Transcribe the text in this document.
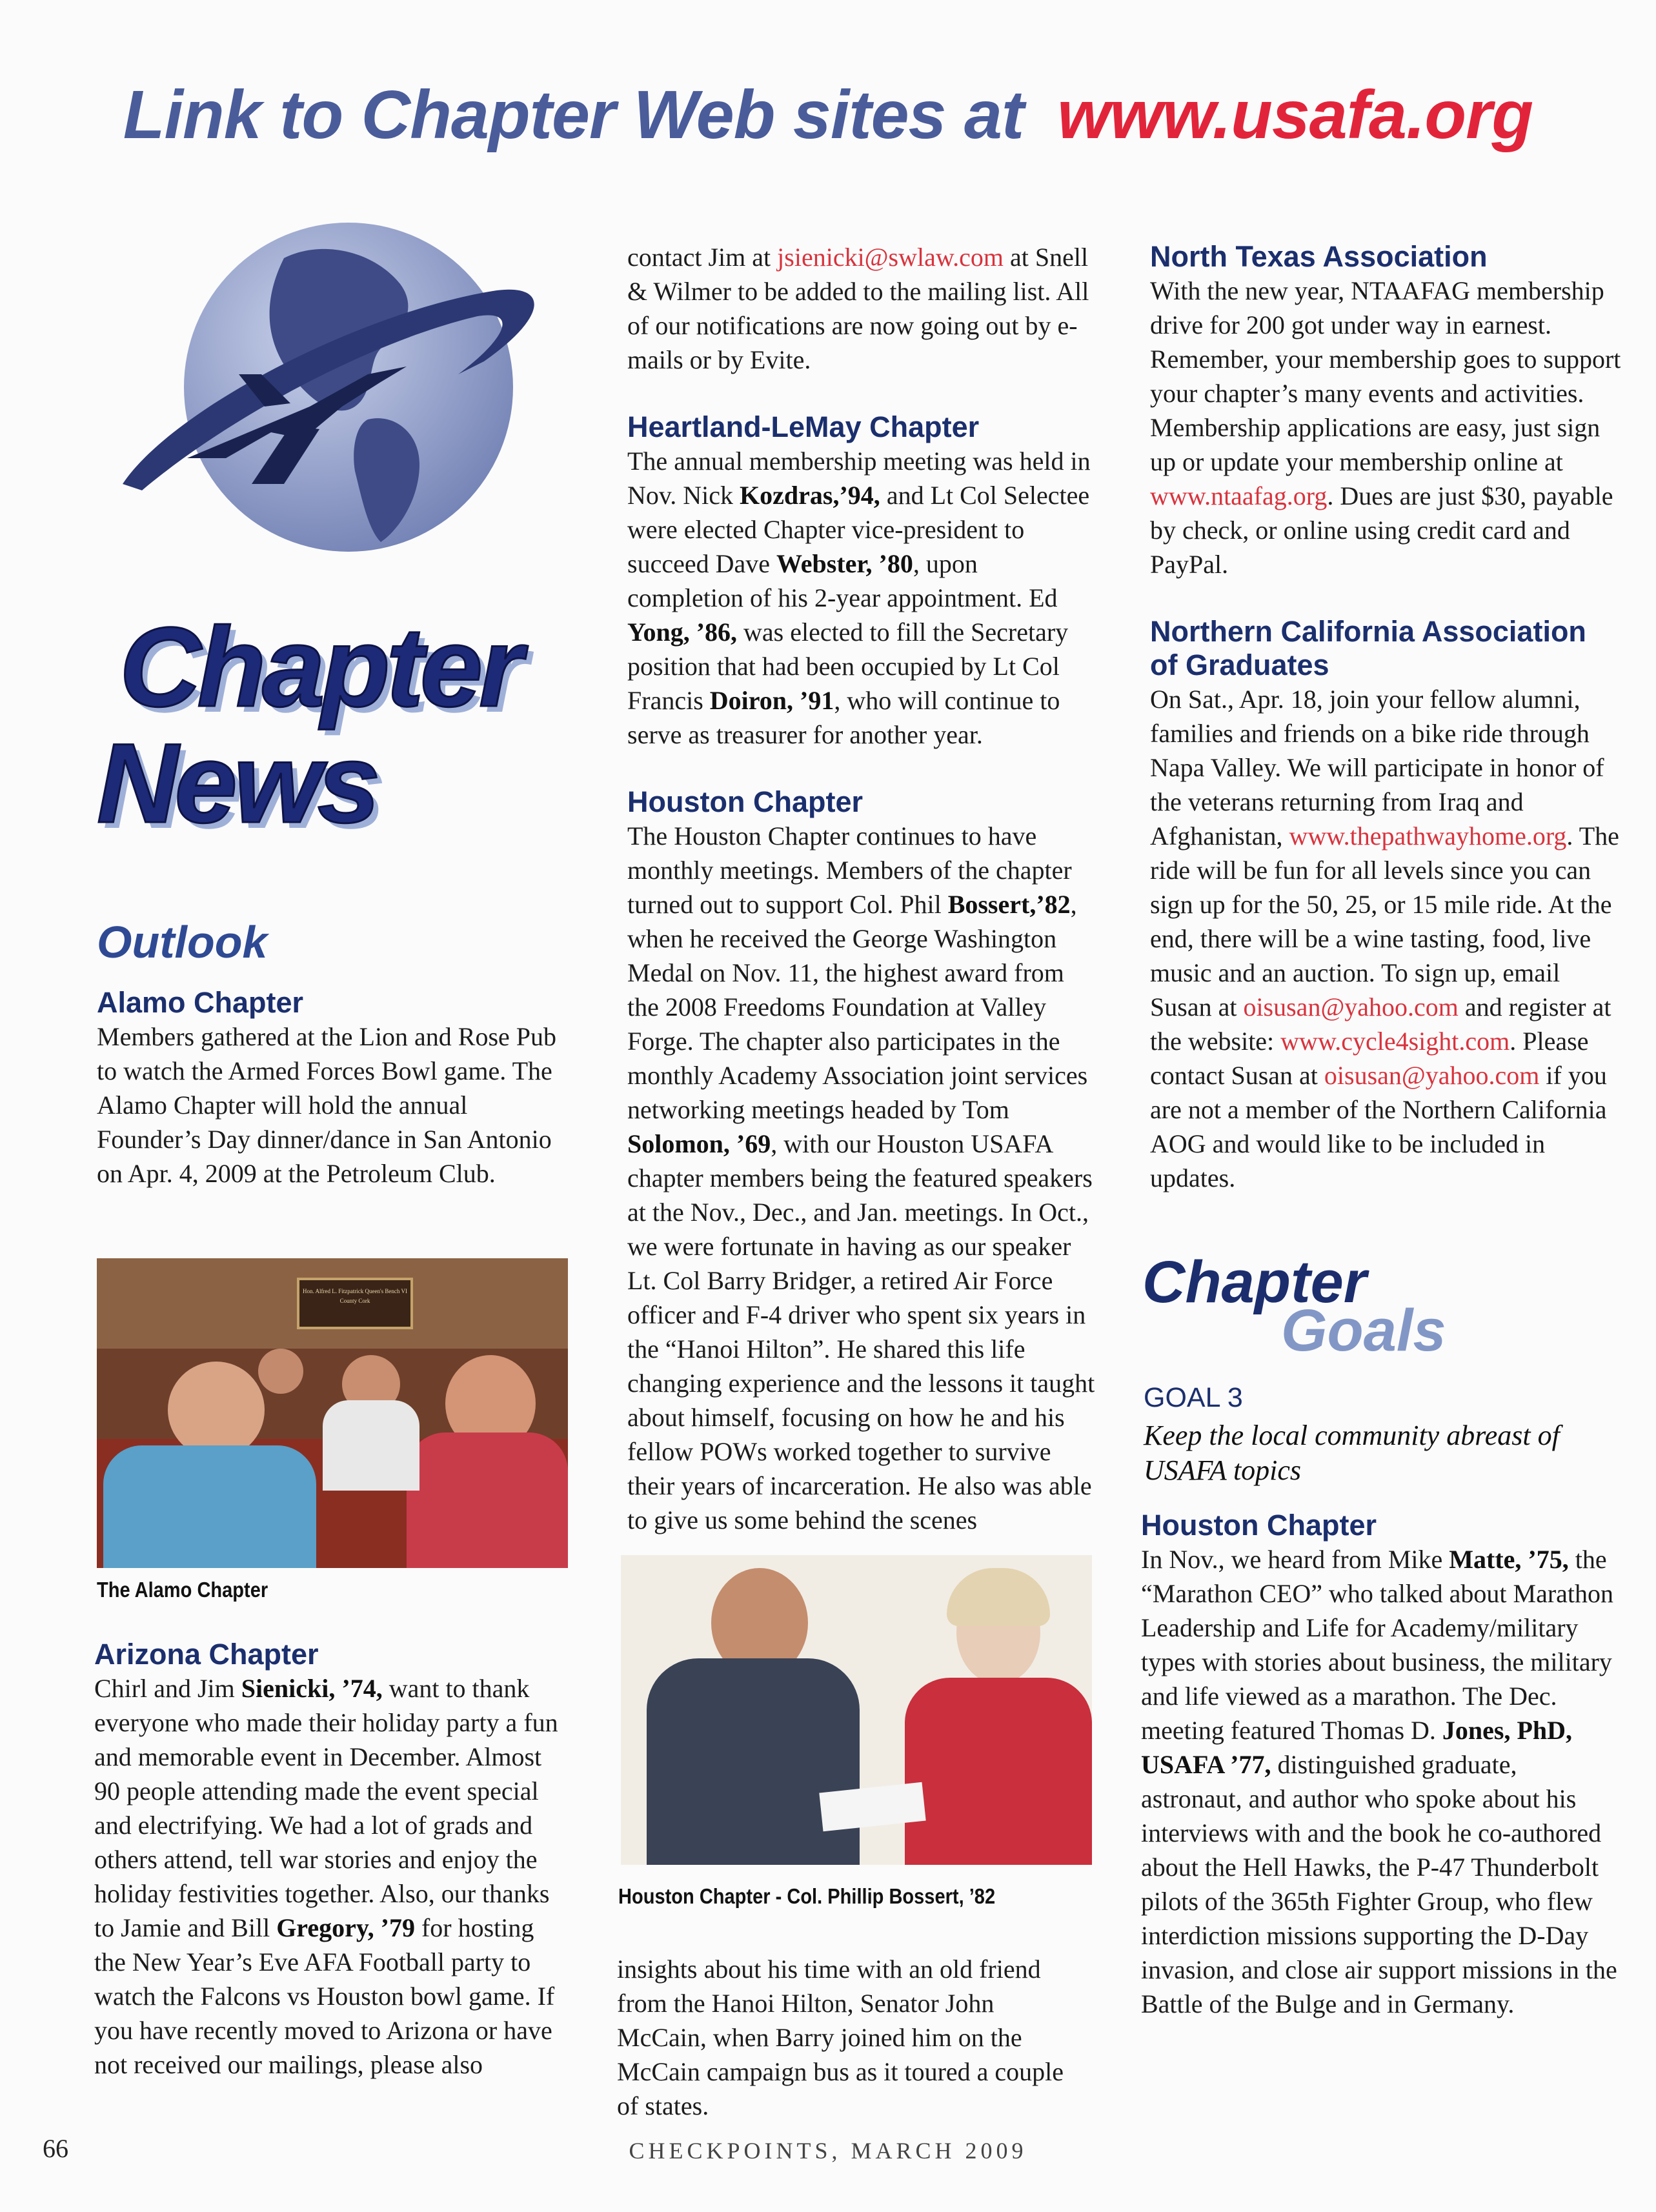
Link to Chapter Web sites at www.usafa.org
Chapter
News
Outlook
Alamo Chapter

Members gathered at the Lion and Rose Pub to watch the Armed Forces Bowl game. The Alamo Chapter will hold the annual Founder’s Day dinner/dance in San Antonio on Apr. 4, 2009 at the Petroleum Club.

Hon. Alfred L. Fitzpatrick Queen's Bench VI County Cork
The Alamo Chapter
Arizona Chapter

Chirl and Jim Sienicki, ’74, want to thank everyone who made their holiday party a fun and memorable event in December. Almost 90 people attending made the event special and electrifying. We had a lot of grads and others attend, tell war stories and enjoy the holiday festivities together. Also, our thanks to Jamie and Bill Gregory, ’79 for hosting the New Year’s Eve AFA Football party to watch the Falcons vs Houston bowl game. If you have recently moved to Arizona or have not received our mailings, please also

contact Jim at jsienicki@swlaw.com at Snell & Wilmer to be added to the mailing list. All of our notifications are now going out by e-mails or by Evite.

Heartland-LeMay Chapter

The annual membership meeting was held in Nov. Nick Kozdras,’94, and Lt Col Selectee were elected Chapter vice-president to succeed Dave Webster, ’80, upon completion of his 2-year appointment. Ed Yong, ’86, was elected to fill the Secretary position that had been occupied by Lt Col Francis Doiron, ’91, who will continue to serve as treasurer for another year.

Houston Chapter

The Houston Chapter continues to have monthly meetings. Members of the chapter turned out to support Col. Phil Bossert,’82, when he received the George Washington Medal on Nov. 11, the highest award from the 2008 Freedoms Foundation at Valley Forge. The chapter also participates in the monthly Academy Association joint services networking meetings headed by Tom Solomon, ’69, with our Houston USAFA chapter members being the featured speakers at the Nov., Dec., and Jan. meetings. In Oct., we were fortunate in having as our speaker Lt. Col Barry Bridger, a retired Air Force officer and F-4 driver who spent six years in the “Hanoi Hilton”. He shared this life changing experience and the lessons it taught about himself, focusing on how he and his fellow POWs worked together to survive their years of incarceration. He also was able to give us some behind the scenes

Houston Chapter - Col. Phillip Bossert, ’82

insights about his time with an old friend from the Hanoi Hilton, Senator John McCain, when Barry joined him on the McCain campaign bus as it toured a couple of states.

North Texas Association

With the new year, NTAAFAG membership drive for 200 got under way in earnest. Remember, your membership goes to support your chapter’s many events and activities. Membership applications are easy, just sign up or update your membership online at www.ntaafag.org. Dues are just $30, payable by check, or online using credit card and PayPal.

Northern California Association
of Graduates

On Sat., Apr. 18, join your fellow alumni, families and friends on a bike ride through Napa Valley. We will participate in honor of the veterans returning from Iraq and Afghanistan, www.thepathwayhome.org. The ride will be fun for all levels since you can sign up for the 50, 25, or 15 mile ride. At the end, there will be a wine tasting, food, live music and an auction. To sign up, email Susan at oisusan@yahoo.com and register at the website: www.cycle4sight.com. Please contact Susan at oisusan@yahoo.com if you are not a member of the Northern California AOG and would like to be included in updates.

Chapter
Goals
GOAL 3
Keep the local community abreast of USAFA topics
Houston Chapter

In Nov., we heard from Mike Matte, ’75, the “Marathon CEO” who talked about Marathon Leadership and Life for Academy/military types with stories about business, the military and life viewed as a marathon. The Dec. meeting featured Thomas D. Jones, PhD, USAFA ’77, distinguished graduate, astronaut, and author who spoke about his interviews with and the book he co-authored about the Hell Hawks, the P-47 Thunderbolt pilots of the 365th Fighter Group, who flew interdiction missions supporting the D-Day invasion, and close air support missions in the Battle of the Bulge and in Germany.

66	CHECKPOINTS, MARCH 2009
